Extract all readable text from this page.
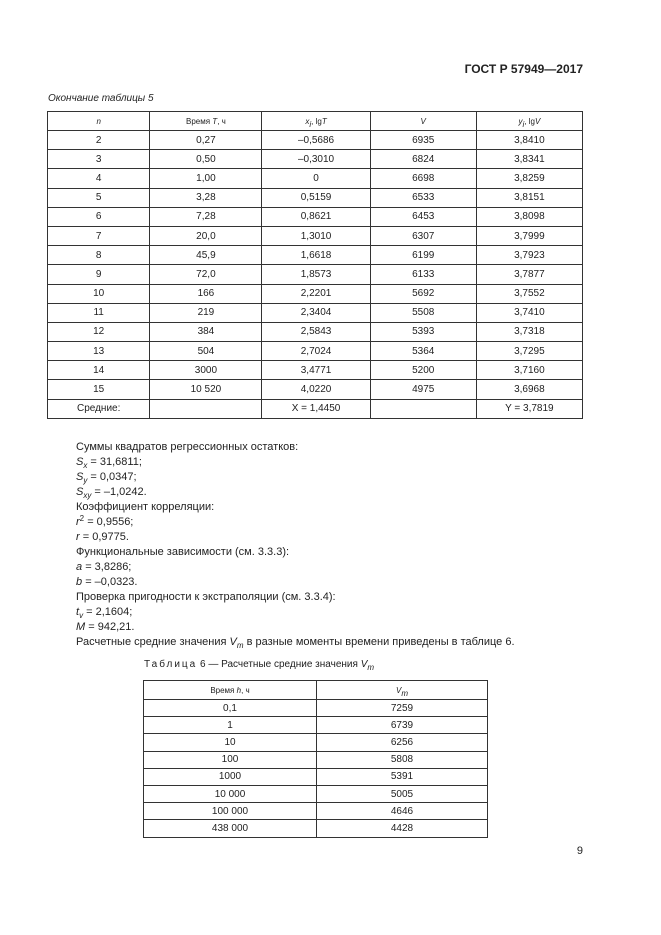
ГОСТ Р 57949—2017
Окончание таблицы 5
n	Время T, ч	$x_i$, lgT	V	$y_i$, lgV
2	0,27	–0,5686	6935	3,8410
3	0,50	–0,3010	6824	3,8341
4	1,00	0	6698	3,8259
5	3,28	0,5159	6533	3,8151
6	7,28	0,8621	6453	3,8098
7	20,0	1,3010	6307	3,7999
8	45,9	1,6618	6199	3,7923
9	72,0	1,8573	6133	3,7877
10	166	2,2201	5692	3,7552
11	219	2,3404	5508	3,7410
12	384	2,5843	5393	3,7318
13	504	2,7024	5364	3,7295
14	3000	3,4771	5200	3,7160
15	10 520	4,0220	4975	3,6968
Средние:		X = 1,4450		Y = 3,7819
Суммы квадратов регрессионных остатков:
$S_x = 31,6811$;
$S_y = 0,0347$;
$S_{xy} = -1,0242$.
Коэффициент корреляции:
$r^2 = 0,9556$;
r = 0,9775.
Функциональные зависимости (см. 3.3.3):
a = 3,8286;
b = –0,0323.
Проверка пригодности к экстраполяции (см. 3.3.4):
$t_v = 2,1604$;
M = 942,21.
Расчетные средние значения $V_m$ в разные моменты времени приведены в таблице 6.
Таблица 6 — Расчетные средние значения $V_m$
Время h, ч	$V_m$
0,1	7259
1	6739
10	6256
100	5808
1000	5391
10 000	5005
100 000	4646
438 000	4428
9
